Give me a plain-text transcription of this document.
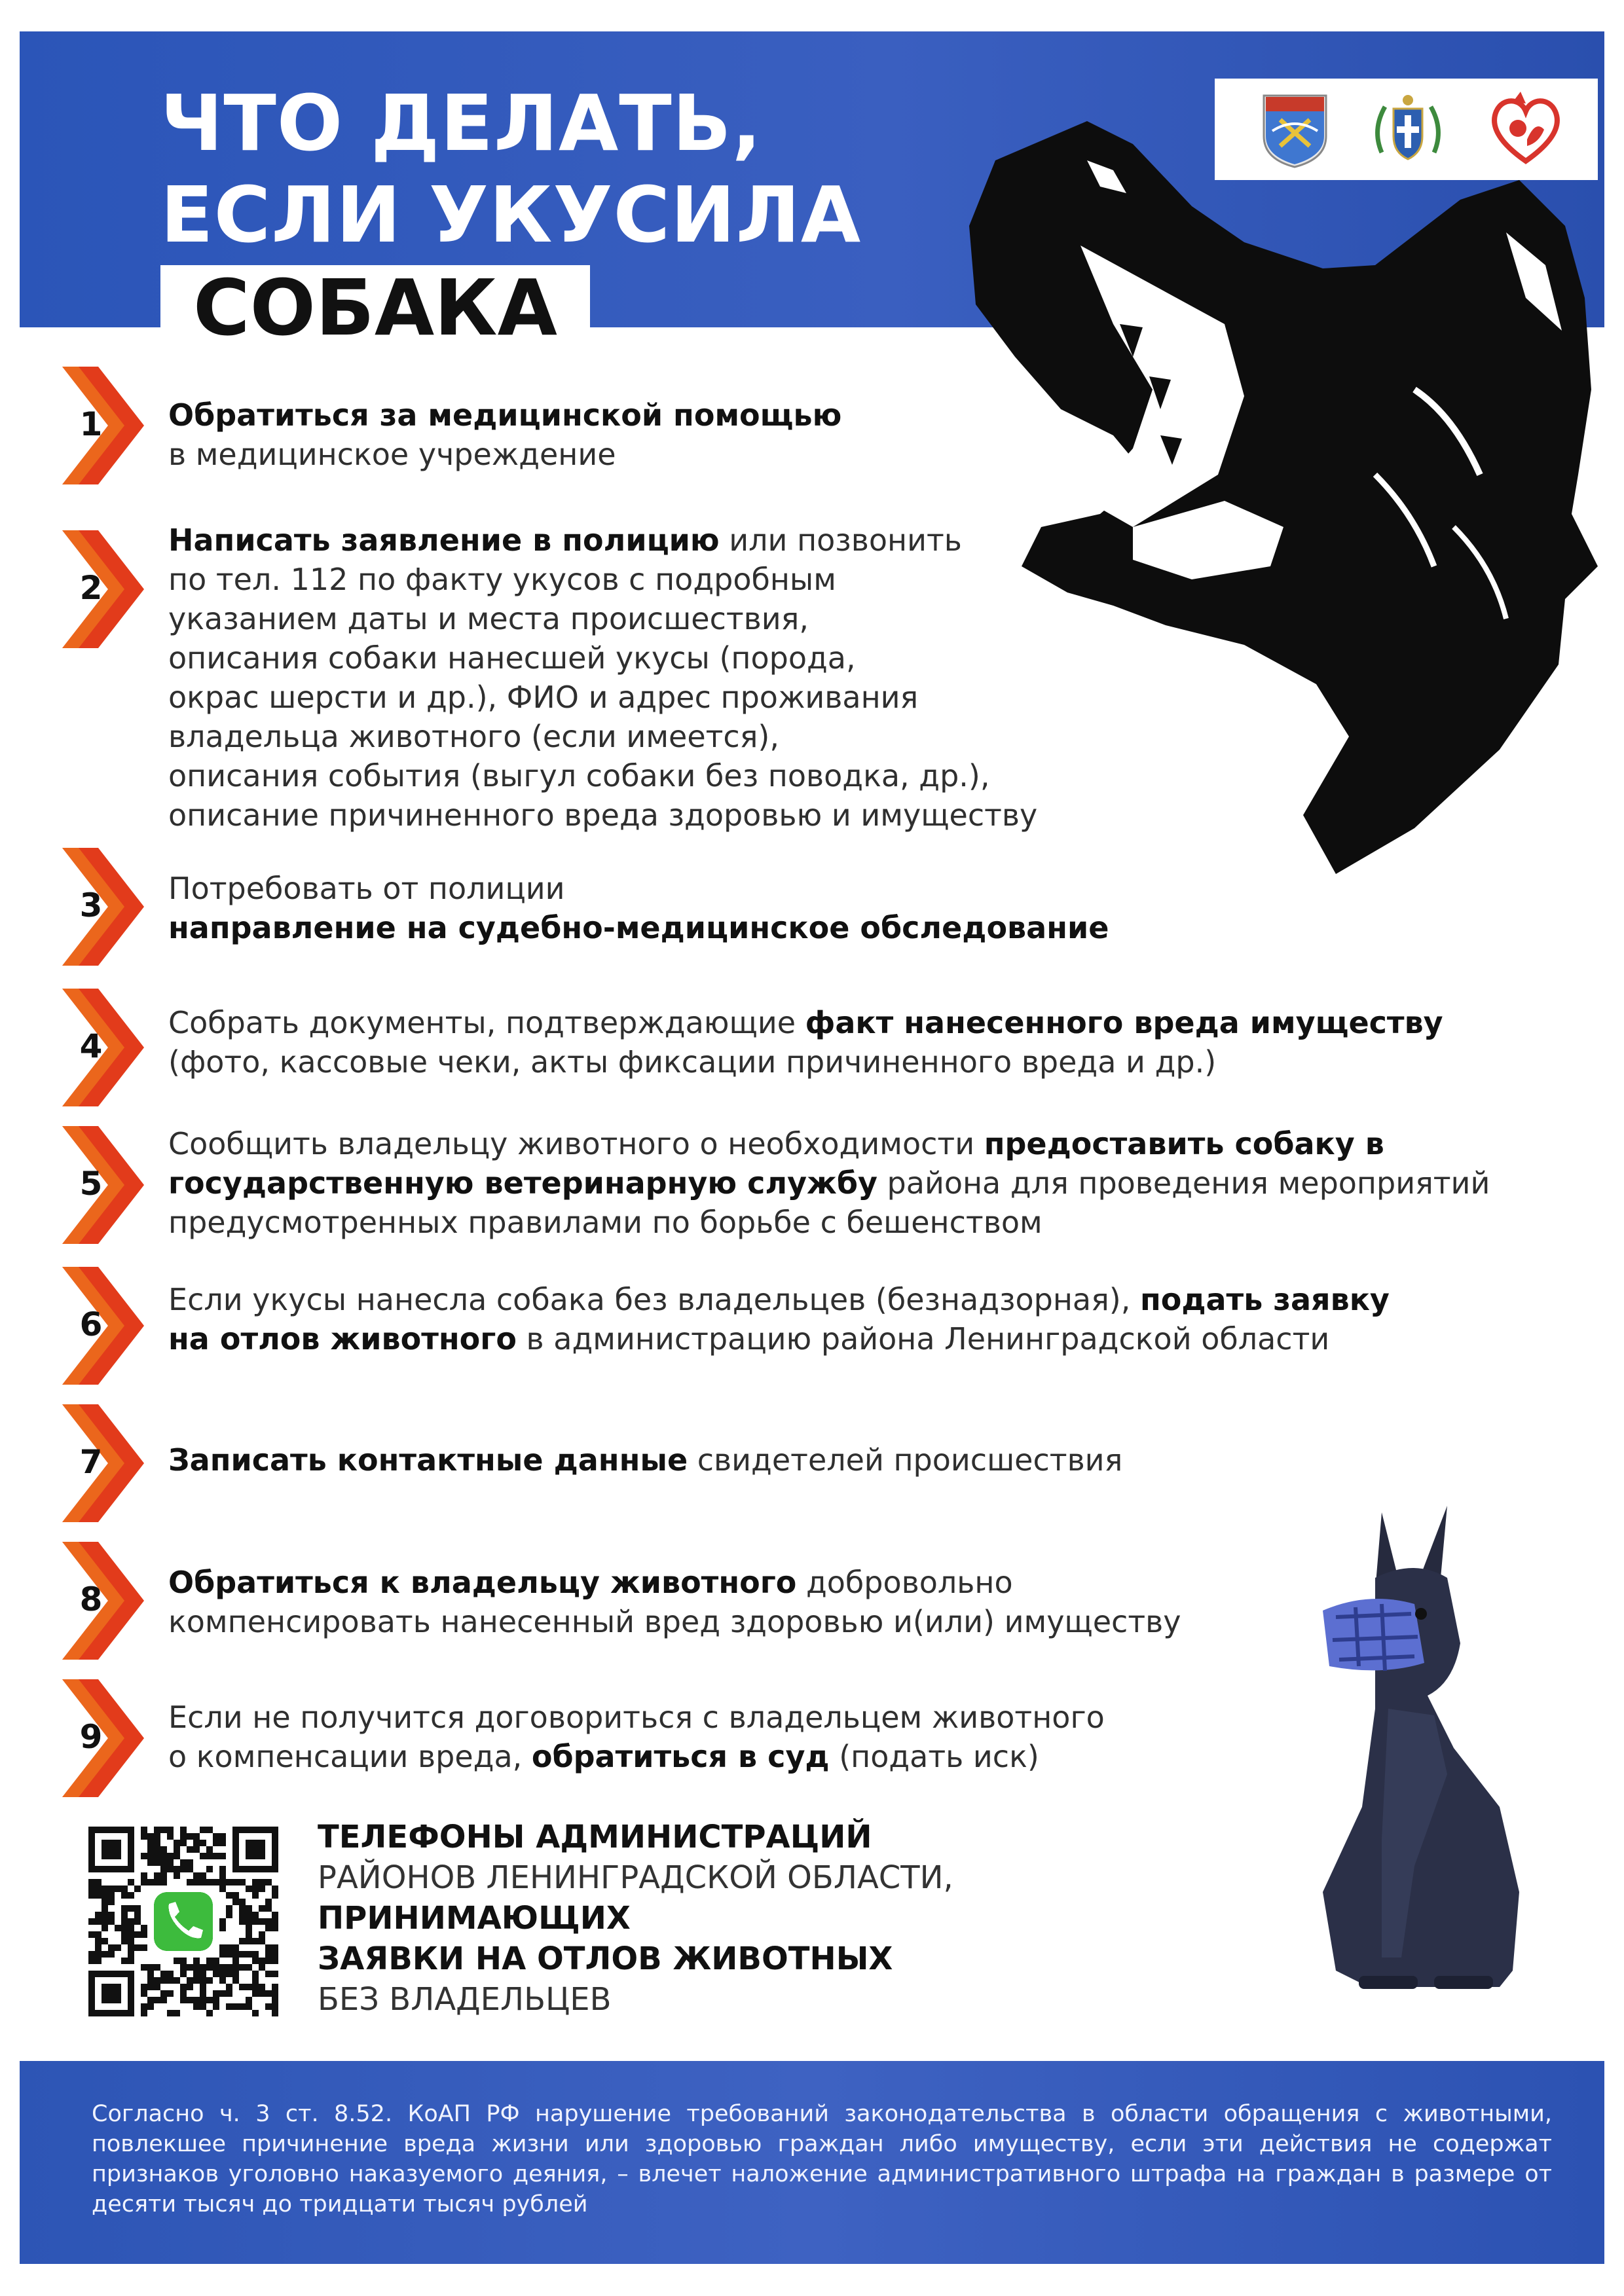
ЧТО ДЕЛАТЬ,
ЕСЛИ УКУСИЛА
СОБАКА
1	Обратиться за медицинской помощью
в медицинское учреждение
2
Написать заявление в полицию или позвонить
по тел. 112 по факту укусов с подробным
указанием даты и места происшествия,
описания собаки нанесшей укусы (порода,
окрас шерсти и др.), ФИО и адрес проживания
владельца животного (если имеется),
описания события (выгул собаки без поводка, др.),
описание причиненного вреда здоровью и имуществу
3	Потребовать от полиции
направление на судебно-медицинское обследование
4
Собрать документы, подтверждающие факт нанесенного вреда имуществу
(фото, кассовые чеки, акты фиксации причиненного вреда и др.)
5
Сообщить владельцу животного о необходимости предоставить собаку в
государственную ветеринарную службу района для проведения мероприятий
предусмотренных правилами по борьбе с бешенством
6
Если укусы нанесла собака без владельцев (безнадзорная), подать заявку
на отлов животного в администрацию района Ленинградской области
7	Записать контактные данные свидетелей происшествия
8	Обратиться к владельцу животного добровольно
компенсировать нанесенный вред здоровью и(или) имуществу
9
Если не получится договориться с владельцем животного
о компенсации вреда, обратиться в суд (подать иск)
ТЕЛЕФОНЫ АДМИНИСТРАЦИЙ
РАЙОНОВ ЛЕНИНГРАДСКОЙ ОБЛАСТИ,
ПРИНИМАЮЩИХ
ЗАЯВКИ НА ОТЛОВ ЖИВОТНЫХ
БЕЗ ВЛАДЕЛЬЦЕВ
Согласно ч. 3 ст. 8.52. КоАП РФ нарушение требований законодательства в области обращения с животными, повлекшее причинение вреда жизни или здоровью граждан либо имуществу, если эти действия не содержат признаков уголовно наказуемого деяния, – влечет наложение административного штрафа на граждан в размере от десяти тысяч до тридцати тысяч рублей
